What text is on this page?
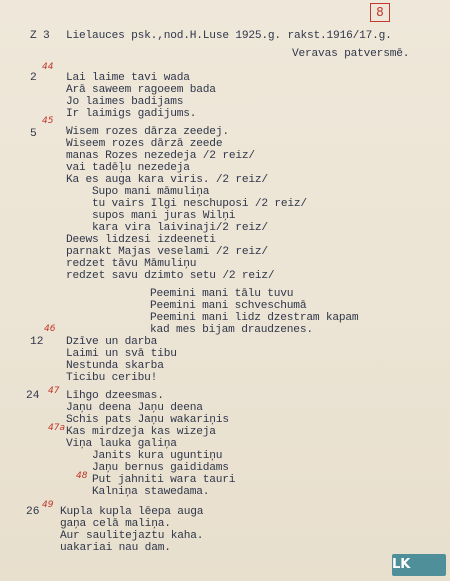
8
Z 3 Lielauces psk.,nod.H.Luse 1925.g. rakst.1916/17.g.
Veravas patversmē.
2
44
Lai laime tavi wada
Arā saweem ragoeem bada
Jo laimes badijams
Ir laimigs gadijums.
5
45
Wisem rozes dārza zeedej.
Wiseem rozes dārzā zeede
manas Rozes nezedeja /2 reiz/
vai tadēļu nezedeja
Ka es auga kara viris. /2 reiz/
Supo mani māmuliņa
tu vairs Ilgi neschuposi /2 reiz/
supos mani juras Wilņi
kara vira laivinaji/2 reiz/
Deews lidzesi izdeeneti
parnakt Majas veselami /2 reiz/
redzet tāvu Māmuliņu
redzet savu dzimto setu /2 reiz/
Peemini mani tālu tuvu
Peemini mani schveschumā
Peemini mani lidz dzestram kapam
kad mes bijam draudzenes.
12
46
Dzīve un darba
Laimi un svā tibu
Nestunda skarba
Ticibu ceribu!
24 47 Līhgo dzeesmas.
Jaņu deena Jaņu deena
Schis pats Jaņu wakariņis
47a Kas mirdzeja kas wizeja
Viņa lauka galiņa
Janits kura uguntiņu
Jaņu bernus gaididams
48 Put jahniti wara tauri
Kalniņa stawedama.
26
49
Kupla kupla lēepa auga
gaņa celā maliņa.
Aur saulitejaztu kaha.
uakariai nau dam.
LK
